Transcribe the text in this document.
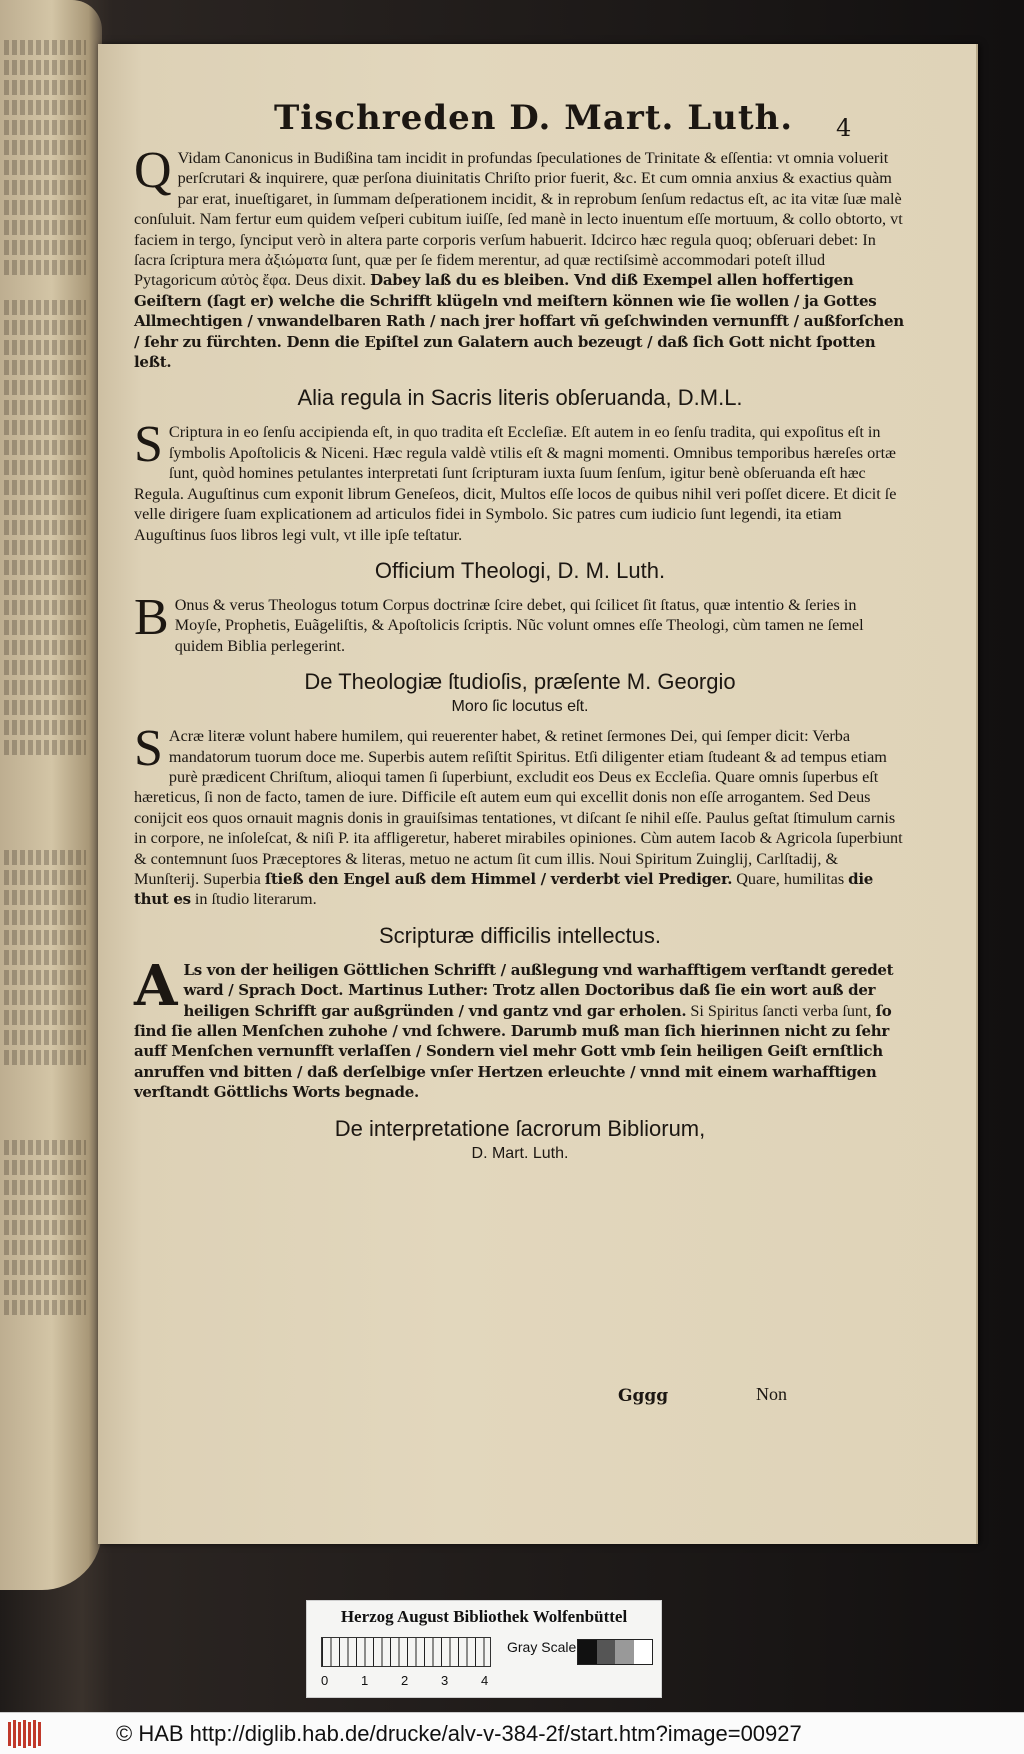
Tischreden D. Mart. Luth. 4
Q Vidam Canonicus in Budißina tam incidit in profundas ſpeculationes de Trinitate & eſſentia: vt omnia voluerit perſcrutari & inquirere, quæ perſona diuinitatis Chriſto prior fuerit, &c. Et cum omnia anxius & exactius quàm par erat, inueſtigaret, in ſummam deſperationem incidit, & in reprobum ſenſum redactus eſt, ac ita vitæ ſuæ malè conſuluit. Nam fertur eum quidem veſperi cubitum iuiſſe, ſed manè in lecto inuentum eſſe mortuum, & collo obtorto, vt faciem in tergo, ſynciput verò in altera parte corporis verſum habuerit. Idcirco hæc regula quoq; obſeruari debet: In ſacra ſcriptura mera ἀξιώματα ſunt, quæ per ſe fidem merentur, ad quæ rectiſsimè accommodari poteſt illud Pytagoricum αὐτὸς ἔφα. Deus dixit. Dabey laß du es bleiben. Vnd diß Exempel allen hoffertigen Geiſtern (ſagt er) welche die Schrifft klügeln vnd meiſtern können wie ſie wollen / ja Gottes Allmechtigen / vnwandelbaren Rath / nach jrer hoffart vñ geſchwinden vernunfft / außforſchen / ſehr zu fürchten. Denn die Epiſtel zun Galatern auch bezeugt / daß ſich Gott nicht ſpotten leßt.
Alia regula in Sacris literis obſeruanda, D.M.L.
S Criptura in eo ſenſu accipienda eſt, in quo tradita eſt Eccleſiæ. Eſt autem in eo ſenſu tradita, qui expoſitus eſt in ſymbolis Apoſtolicis & Niceni. Hæc regula valdè vtilis eſt & magni momenti. Omnibus temporibus hæreſes ortæ ſunt, quòd homines petulantes interpretati ſunt ſcripturam iuxta ſuum ſenſum, igitur benè obſeruanda eſt hæc Regula. Auguſtinus cum exponit librum Geneſeos, dicit, Multos eſſe locos de quibus nihil veri poſſet dicere. Et dicit ſe velle dirigere ſuam explicationem ad articulos fidei in Symbolo. Sic patres cum iudicio ſunt legendi, ita etiam Auguſtinus ſuos libros legi vult, vt ille ipſe teſtatur.
Officium Theologi, D. M. Luth.
B Onus & verus Theologus totum Corpus doctrinæ ſcire debet, qui ſcilicet ſit ſtatus, quæ intentio & ſeries in Moyſe, Prophetis, Euãgeliſtis, & Apoſtolicis ſcriptis. Nũc volunt omnes eſſe Theologi, cùm tamen ne ſemel quidem Biblia perlegerint.
De Theologiæ ſtudioſis, præſente M. Georgio
Moro ſic locutus eſt.
S Acræ literæ volunt habere humilem, qui reuerenter habet, & retinet ſermones Dei, qui ſemper dicit: Verba mandatorum tuorum doce me. Superbis autem reſiſtit Spiritus. Etſi diligenter etiam ſtudeant & ad tempus etiam purè prædicent Chriſtum, alioqui tamen ſi ſuperbiunt, excludit eos Deus ex Eccleſia. Quare omnis ſuperbus eſt hæreticus, ſi non de facto, tamen de iure. Difficile eſt autem eum qui excellit donis non eſſe arrogantem. Sed Deus conijcit eos quos ornauit magnis donis in grauiſsimas tentationes, vt diſcant ſe nihil eſſe. Paulus geſtat ſtimulum carnis in corpore, ne inſoleſcat, & niſi P. ita affligeretur, haberet mirabiles opiniones. Cùm autem Iacob & Agricola ſuperbiunt & contemnunt ſuos Præceptores & literas, metuo ne actum ſit cum illis. Noui Spiritum Zuinglij, Carlſtadij, & Munſterij. Superbia ſtieß den Engel auß dem Himmel / verderbt viel Prediger. Quare, humilitas die thut es in ſtudio literarum.
Scripturæ difficilis intellectus.
A Ls von der heiligen Göttlichen Schrifft / außlegung vnd warhafftigem verſtandt geredet ward / Sprach Doct. Martinus Luther: Trotz allen Doctoribus daß ſie ein wort auß der heiligen Schrifft gar außgründen / vnd gantz vnd gar erholen. Si Spiritus ſancti verba ſunt, ſo ſind ſie allen Menſchen zuhohe / vnd ſchwere. Darumb muß man ſich hierinnen nicht zu ſehr auff Menſchen vernunfft verlaſſen / Sondern viel mehr Gott vmb ſein heiligen Geiſt ernſtlich anruffen vnd bitten / daß derſelbige vnſer Hertzen erleuchte / vnnd mit einem warhafftigen verſtandt Göttlichs Worts begnade.
De interpretatione ſacrorum Bibliorum,
D. Mart. Luth.
Gggg	Non
Herzog August Bibliothek Wolfenbüttel
0	1	2	3	4
Gray Scale
© HAB http://diglib.hab.de/drucke/alv-v-384-2f/start.htm?image=00927
